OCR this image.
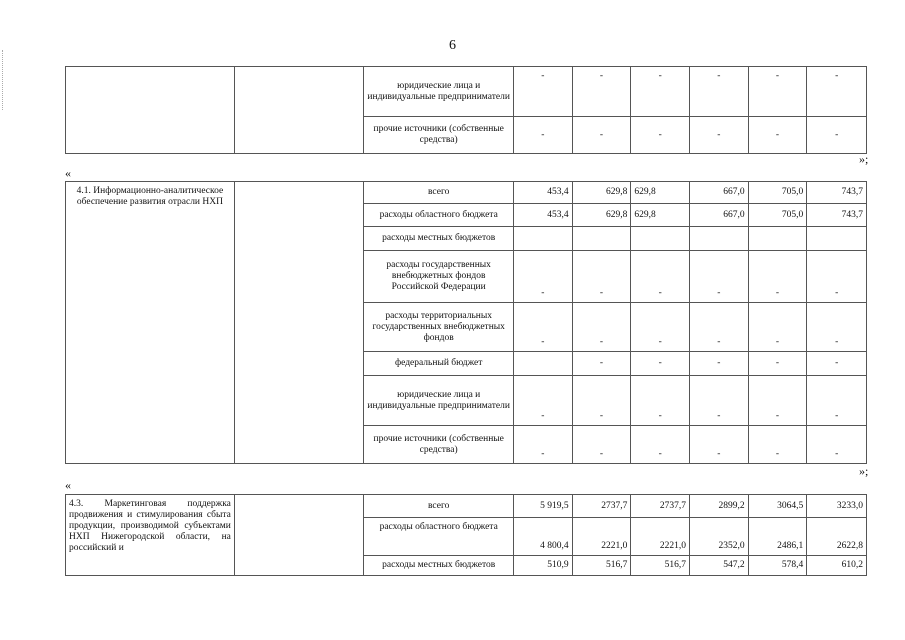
6
		юридические лица и индивидуальные предприниматели	-	-	-	-	-	-
		прочие источники (собственные средства)	-	-	-	-	-	-
»;
«
4.1. Информационно-аналитическое обеспечение развития отрасли НХП		всего	453,4	629,8	629,8	667,0	705,0	743,7
		расходы областного бюджета	453,4	629,8	629,8	667,0	705,0	743,7
		расходы местных бюджетов						
		расходы государственных внебюджетных фондов Российской Федерации	-	-	-	-	-	-
		расходы территориальных государственных внебюджетных фондов	-	-	-	-	-	-
		федеральный бюджет		-	-	-	-	-
		юридические лица и индивидуальные предприниматели	-	-	-	-	-	-
		прочие источники (собственные средства)	-	-	-	-	-	-
»;
«
4.3. Маркетинговая поддержка продвижения и стимулирования сбыта продукции, производимой субъектами НХП Нижегородской области, на российский и		всего	5 919,5	2737,7	2737,7	2899,2	3064,5	3233,0
		расходы областного бюджета	4 800,4	2221,0	2221,0	2352,0	2486,1	2622,8
		расходы местных бюджетов	510,9	516,7	516,7	547,2	578,4	610,2
